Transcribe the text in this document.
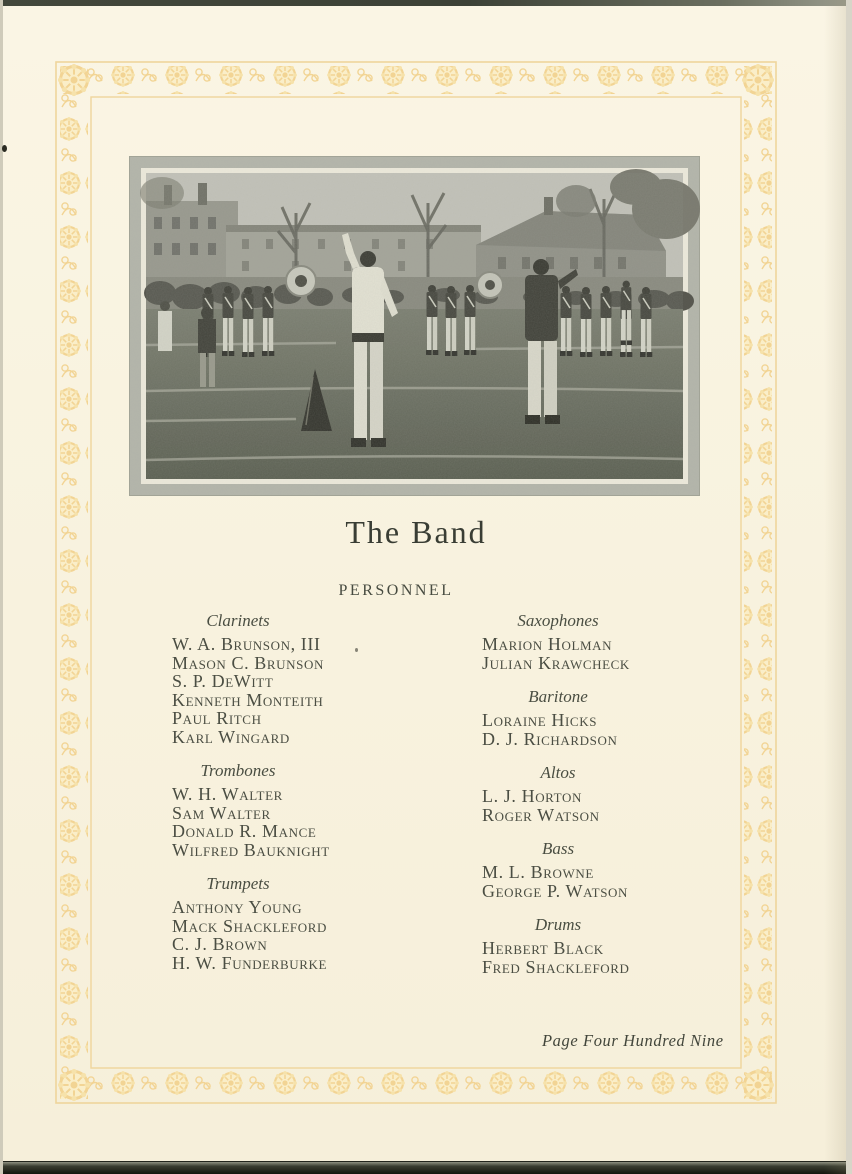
The Band
PERSONNEL
Clarinets
W. A. Brunson, III
Mason C. Brunson
S. P. DeWitt
Kenneth Monteith
Paul Ritch
Karl Wingard
Trombones
W. H. Walter
Sam Walter
Donald R. Mance
Wilfred Bauknight
Trumpets
Anthony Young
Mack Shackleford
C. J. Brown
H. W. Funderburke
Saxophones
Marion Holman
Julian Krawcheck
Baritone
Loraine Hicks
D. J. Richardson
Altos
L. J. Horton
Roger Watson
Bass
M. L. Browne
George P. Watson
Drums
Herbert Black
Fred Shackleford
Page Four Hundred Nine
